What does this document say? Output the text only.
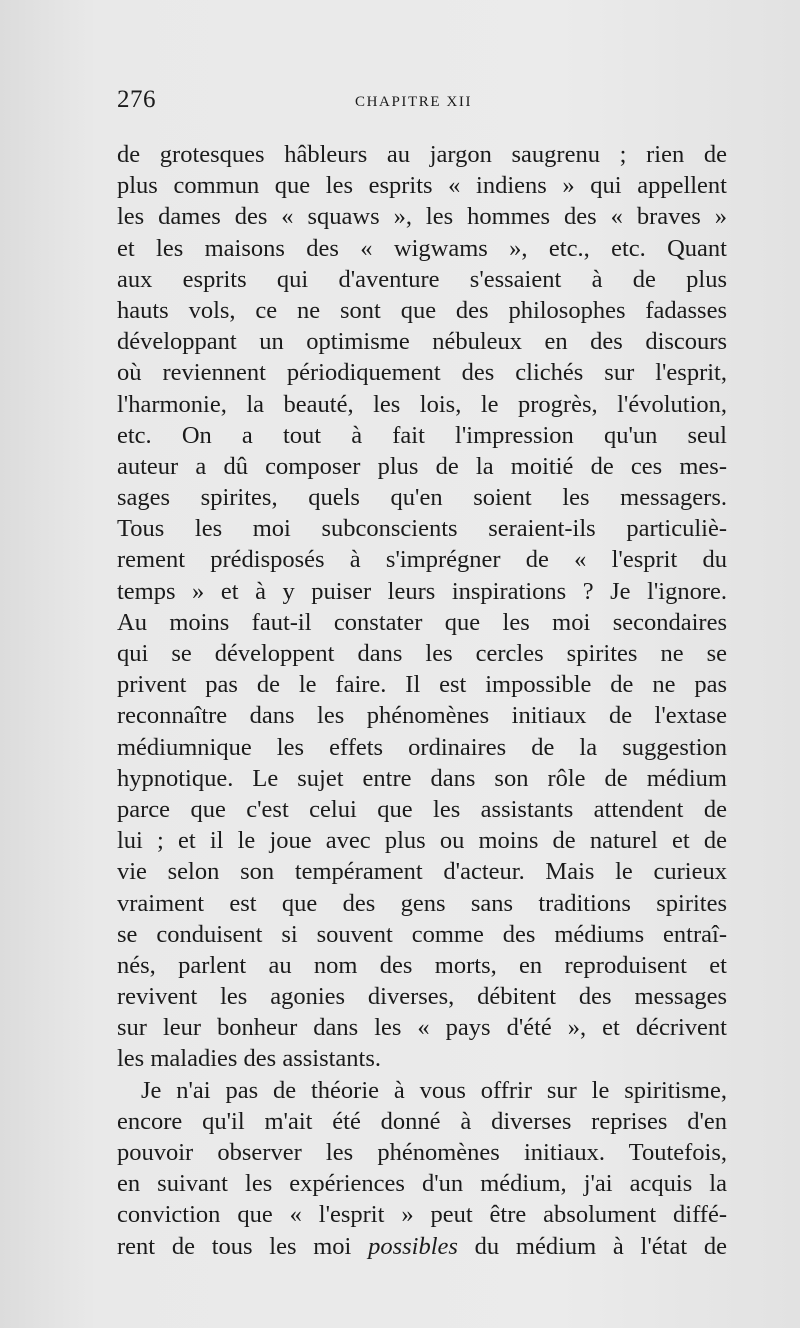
276	CHAPITRE XII
de grotesques hâbleurs au jargon saugrenu ; rien de
plus commun que les esprits « indiens » qui appellent
les dames des « squaws », les hommes des « braves »
et les maisons des « wigwams », etc., etc. Quant
aux esprits qui d'aventure s'essaient à de plus
hauts vols, ce ne sont que des philosophes fadasses
développant un optimisme nébuleux en des discours
où reviennent périodiquement des clichés sur l'esprit,
l'harmonie, la beauté, les lois, le progrès, l'évolution,
etc. On a tout à fait l'impression qu'un seul
auteur a dû composer plus de la moitié de ces mes-
sages spirites, quels qu'en soient les messagers.
Tous les moi subconscients seraient-ils particuliè-
rement prédisposés à s'imprégner de « l'esprit du
temps » et à y puiser leurs inspirations ? Je l'ignore.
Au moins faut-il constater que les moi secondaires
qui se développent dans les cercles spirites ne se
privent pas de le faire. Il est impossible de ne pas
reconnaître dans les phénomènes initiaux de l'extase
médiumnique les effets ordinaires de la suggestion
hypnotique. Le sujet entre dans son rôle de médium
parce que c'est celui que les assistants attendent de
lui ; et il le joue avec plus ou moins de naturel et de
vie selon son tempérament d'acteur. Mais le curieux
vraiment est que des gens sans traditions spirites
se conduisent si souvent comme des médiums entraî-
nés, parlent au nom des morts, en reproduisent et
revivent les agonies diverses, débitent des messages
sur leur bonheur dans les « pays d'été », et décrivent
les maladies des assistants.
Je n'ai pas de théorie à vous offrir sur le spiritisme,
encore qu'il m'ait été donné à diverses reprises d'en
pouvoir observer les phénomènes initiaux. Toutefois,
en suivant les expériences d'un médium, j'ai acquis la
conviction que « l'esprit » peut être absolument diffé-
rent de tous les moi possibles du médium à l'état de
